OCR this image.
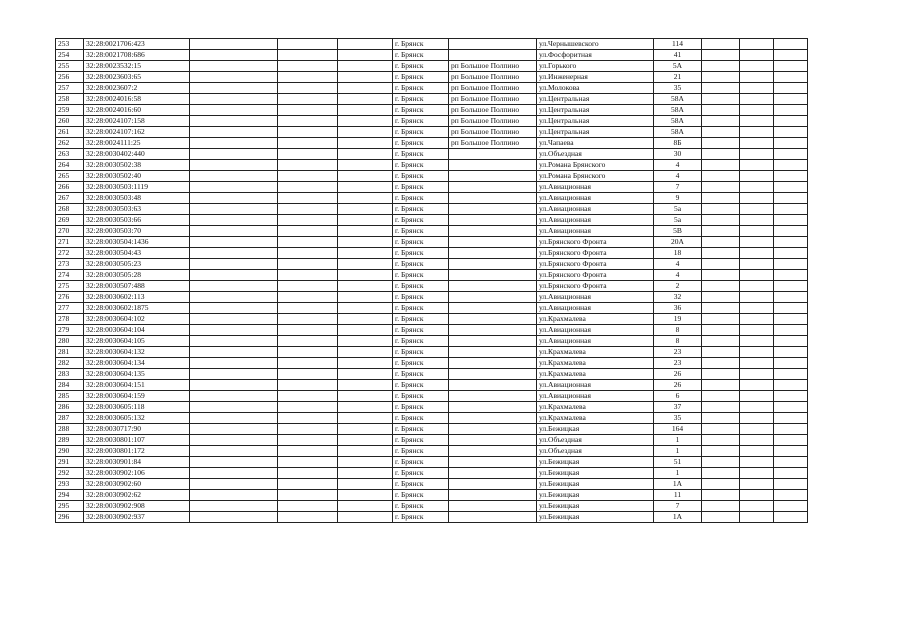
253	32:28:0021706:423				г. Брянск		ул.Чернышевского	114			
254	32:28:0021708:686				г. Брянск		ул.Фосфоритная	41			
255	32:28:0023532:15				г. Брянск	рп Большое Полпино	ул.Горького	5А			
256	32:28:0023603:65				г. Брянск	рп Большое Полпино	ул.Инженерная	21			
257	32:28:0023607:2				г. Брянск	рп Большое Полпино	ул.Молокова	35			
258	32:28:0024016:58				г. Брянск	рп Большое Полпино	ул.Центральная	58А			
259	32:28:0024016:60				г. Брянск	рп Большое Полпино	ул.Центральная	58А			
260	32:28:0024107:158				г. Брянск	рп Большое Полпино	ул.Центральная	58А			
261	32:28:0024107:162				г. Брянск	рп Большое Полпино	ул.Центральная	58А			
262	32:28:0024111:25				г. Брянск	рп Большое Полпино	ул.Чапаева	8Б			
263	32:28:0030402:440				г. Брянск		ул.Объездная	30			
264	32:28:0030502:38				г. Брянск		ул.Романа Брянского	4			
265	32:28:0030502:40				г. Брянск		ул.Романа Брянского	4			
266	32:28:0030503:1119				г. Брянск		ул.Авиационная	7			
267	32:28:0030503:48				г. Брянск		ул.Авиационная	9			
268	32:28:0030503:63				г. Брянск		ул.Авиационная	5а			
269	32:28:0030503:66				г. Брянск		ул.Авиационная	5а			
270	32:28:0030503:70				г. Брянск		ул.Авиационная	5В			
271	32:28:0030504:1436				г. Брянск		ул.Брянского Фронта	20А			
272	32:28:0030504:43				г. Брянск		ул.Брянского Фронта	18			
273	32:28:0030505:23				г. Брянск		ул.Брянского Фронта	4			
274	32:28:0030505:28				г. Брянск		ул.Брянского Фронта	4			
275	32:28:0030507:488				г. Брянск		ул.Брянского Фронта	2			
276	32:28:0030602:113				г. Брянск		ул.Авиационная	32			
277	32:28:0030602:1875				г. Брянск		ул.Авиационная	36			
278	32:28:0030604:102				г. Брянск		ул.Крахмалева	19			
279	32:28:0030604:104				г. Брянск		ул.Авиационная	8			
280	32:28:0030604:105				г. Брянск		ул.Авиационная	8			
281	32:28:0030604:132				г. Брянск		ул.Крахмалева	23			
282	32:28:0030604:134				г. Брянск		ул.Крахмалева	23			
283	32:28:0030604:135				г. Брянск		ул.Крахмалева	26			
284	32:28:0030604:151				г. Брянск		ул.Авиационная	26			
285	32:28:0030604:159				г. Брянск		ул.Авиационная	6			
286	32:28:0030605:118				г. Брянск		ул.Крахмалева	37			
287	32:28:0030605:132				г. Брянск		ул.Крахмалева	35			
288	32:28:0030717:90				г. Брянск		ул.Бежицкая	164			
289	32:28:0030801:107				г. Брянск		ул.Объездная	1			
290	32:28:0030801:172				г. Брянск		ул.Объездная	1			
291	32:28:0030901:84				г. Брянск		ул.Бежицкая	51			
292	32:28:0030902:106				г. Брянск		ул.Бежицкая	1			
293	32:28:0030902:60				г. Брянск		ул.Бежицкая	1А			
294	32:28:0030902:62				г. Брянск		ул.Бежицкая	11			
295	32:28:0030902:908				г. Брянск		ул.Бежицкая	7			
296	32:28:0030902:937				г. Брянск		ул.Бежицкая	1А			
